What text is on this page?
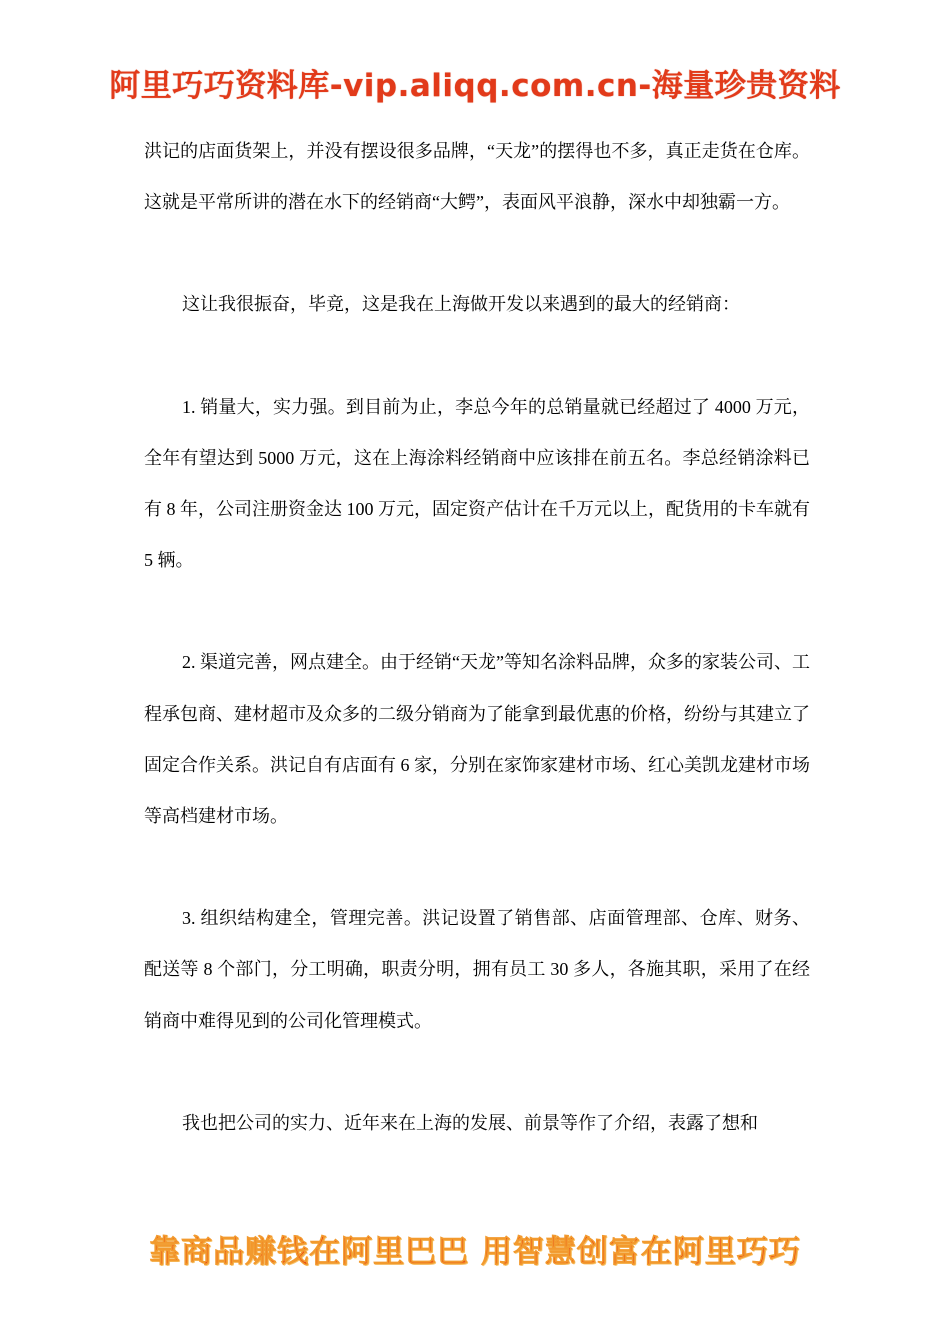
阿里巧巧资料库-vip.aliqq.com.cn-海量珍贵资料

洪记的店面货架上，并没有摆设很多品牌，“天龙”的摆得也不多，真正走货在仓库。这就是平常所讲的潜在水下的经销商“大鳄”，表面风平浪静，深水中却独霸一方。

这让我很振奋，毕竟，这是我在上海做开发以来遇到的最大的经销商：

1. 销量大，实力强。到目前为止，李总今年的总销量就已经超过了 4000 万元，全年有望达到 5000 万元，这在上海涂料经销商中应该排在前五名。李总经销涂料已有 8 年，公司注册资金达 100 万元，固定资产估计在千万元以上，配货用的卡车就有 5 辆。

2. 渠道完善，网点建全。由于经销“天龙”等知名涂料品牌，众多的家装公司、工程承包商、建材超市及众多的二级分销商为了能拿到最优惠的价格，纷纷与其建立了固定合作关系。洪记自有店面有 6 家，分别在家饰家建材市场、红心美凯龙建材市场等高档建材市场。

3. 组织结构建全，管理完善。洪记设置了销售部、店面管理部、仓库、财务、配送等 8 个部门，分工明确，职责分明，拥有员工 30 多人，各施其职，采用了在经销商中难得见到的公司化管理模式。

我也把公司的实力、近年来在上海的发展、前景等作了介绍，表露了想和

靠商品赚钱在阿里巴巴 用智慧创富在阿里巧巧
